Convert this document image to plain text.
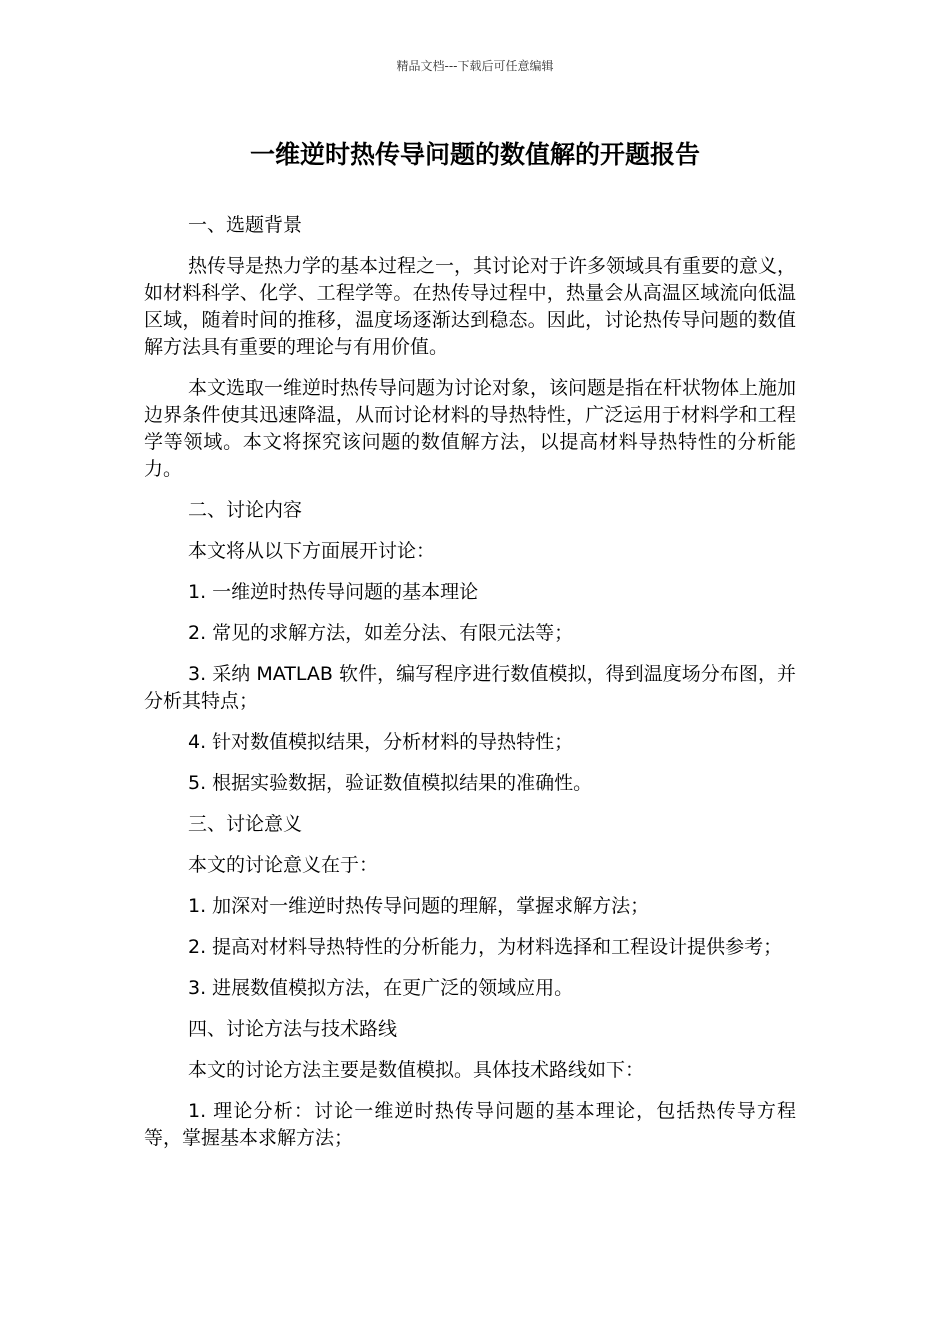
精品文档---下载后可任意编辑
一维逆时热传导问题的数值解的开题报告

一、选题背景

热传导是热力学的基本过程之一，其讨论对于许多领域具有重要的意义，如材料科学、化学、工程学等。在热传导过程中，热量会从高温区域流向低温区域，随着时间的推移，温度场逐渐达到稳态。因此，讨论热传导问题的数值解方法具有重要的理论与有用价值。

本文选取一维逆时热传导问题为讨论对象，该问题是指在杆状物体上施加边界条件使其迅速降温，从而讨论材料的导热特性，广泛运用于材料学和工程学等领域。本文将探究该问题的数值解方法，以提高材料导热特性的分析能力。

二、讨论内容

本文将从以下方面展开讨论：

1. 一维逆时热传导问题的基本理论

2. 常见的求解方法，如差分法、有限元法等；

3. 采纳 MATLAB 软件，编写程序进行数值模拟，得到温度场分布图，并分析其特点；

4. 针对数值模拟结果，分析材料的导热特性；

5. 根据实验数据，验证数值模拟结果的准确性。

三、讨论意义

本文的讨论意义在于：

1. 加深对一维逆时热传导问题的理解，掌握求解方法；

2. 提高对材料导热特性的分析能力，为材料选择和工程设计提供参考；

3. 进展数值模拟方法，在更广泛的领域应用。

四、讨论方法与技术路线

本文的讨论方法主要是数值模拟。具体技术路线如下：

1. 理论分析：讨论一维逆时热传导问题的基本理论，包括热传导方程等，掌握基本求解方法；
